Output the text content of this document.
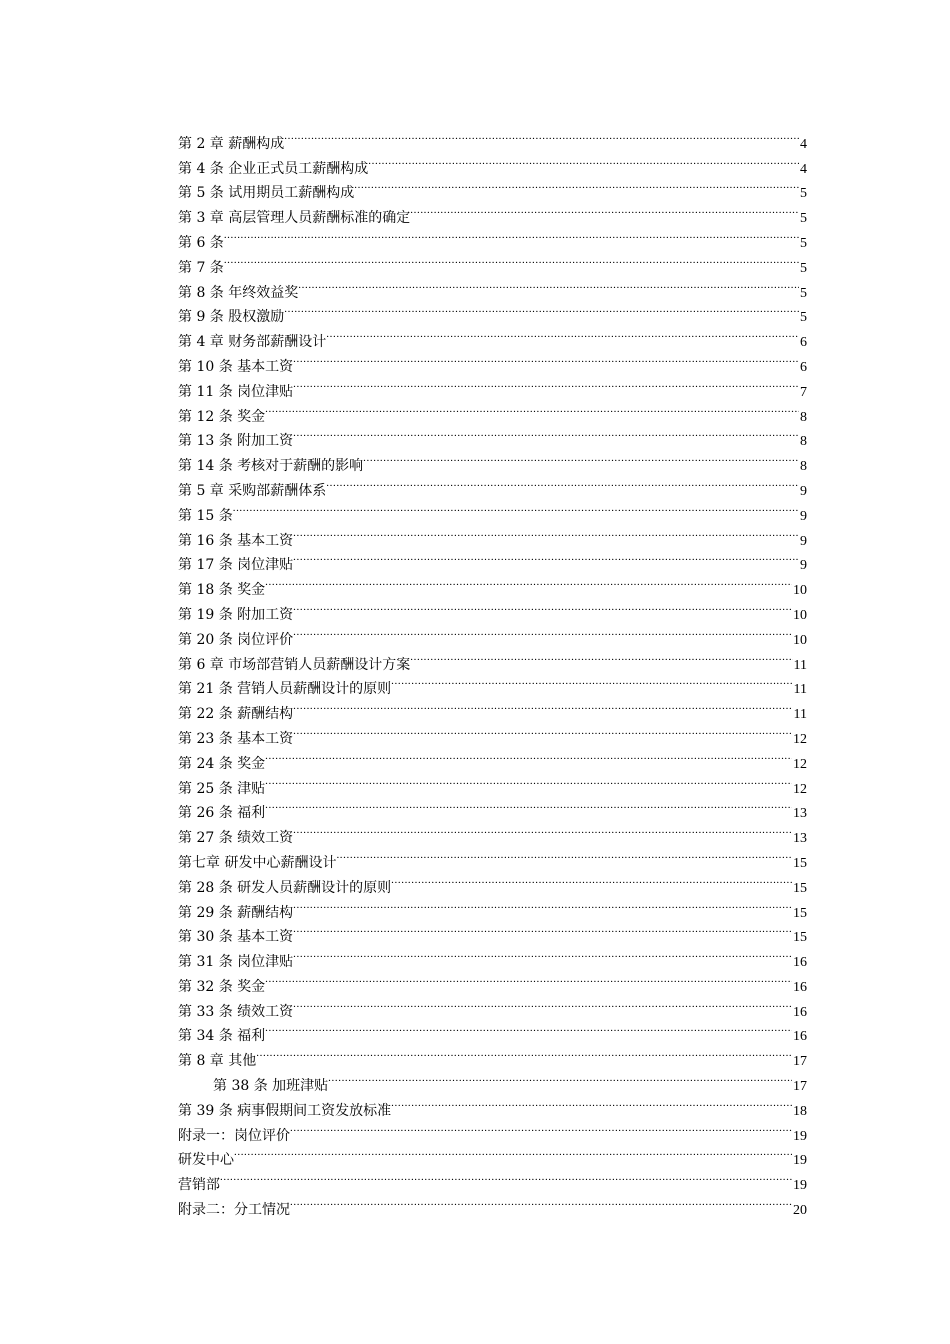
第 2 章 薪酬构成 .....	4
第 4 条 企业正式员工薪酬构成 .....	4
第 5 条 试用期员工薪酬构成 .....	5
第 3 章 高层管理人员薪酬标准的确定 .....	5
第 6 条 .....	5
第 7 条 .....	5
第 8 条 年终效益奖 .....	5
第 9 条 股权激励 .....	5
第 4 章 财务部薪酬设计 .....	6
第 10 条 基本工资 .....	6
第 11 条 岗位津贴 .....	7
第 12 条 奖金 .....	8
第 13 条 附加工资 .....	8
第 14 条 考核对于薪酬的影响 .....	8
第 5 章 采购部薪酬体系 .....	9
第 15 条 .....	9
第 16 条 基本工资 .....	9
第 17 条 岗位津贴 .....	9
第 18 条 奖金 .....	10
第 19 条 附加工资 .....	10
第 20 条 岗位评价 .....	10
第 6 章 市场部营销人员薪酬设计方案 .....	11
第 21 条 营销人员薪酬设计的原则 .....	11
第 22 条 薪酬结构 .....	11
第 23 条 基本工资 .....	12
第 24 条 奖金 .....	12
第 25 条 津贴 .....	12
第 26 条 福利 .....	13
第 27 条 绩效工资 .....	13
第七章 研发中心薪酬设计 .....	15
第 28 条 研发人员薪酬设计的原则 .....	15
第 29 条 薪酬结构 .....	15
第 30 条 基本工资 .....	15
第 31 条 岗位津贴 .....	16
第 32 条 奖金 .....	16
第 33 条 绩效工资 .....	16
第 34 条 福利 .....	16
第 8 章 其他 .....	17
第 38 条 加班津贴 .....	17
第 39 条 病事假期间工资发放标准 .....	18
附录一：岗位评价 .....	19
研发中心 .....	19
营销部 .....	19
附录二：分工情况 .....	20
